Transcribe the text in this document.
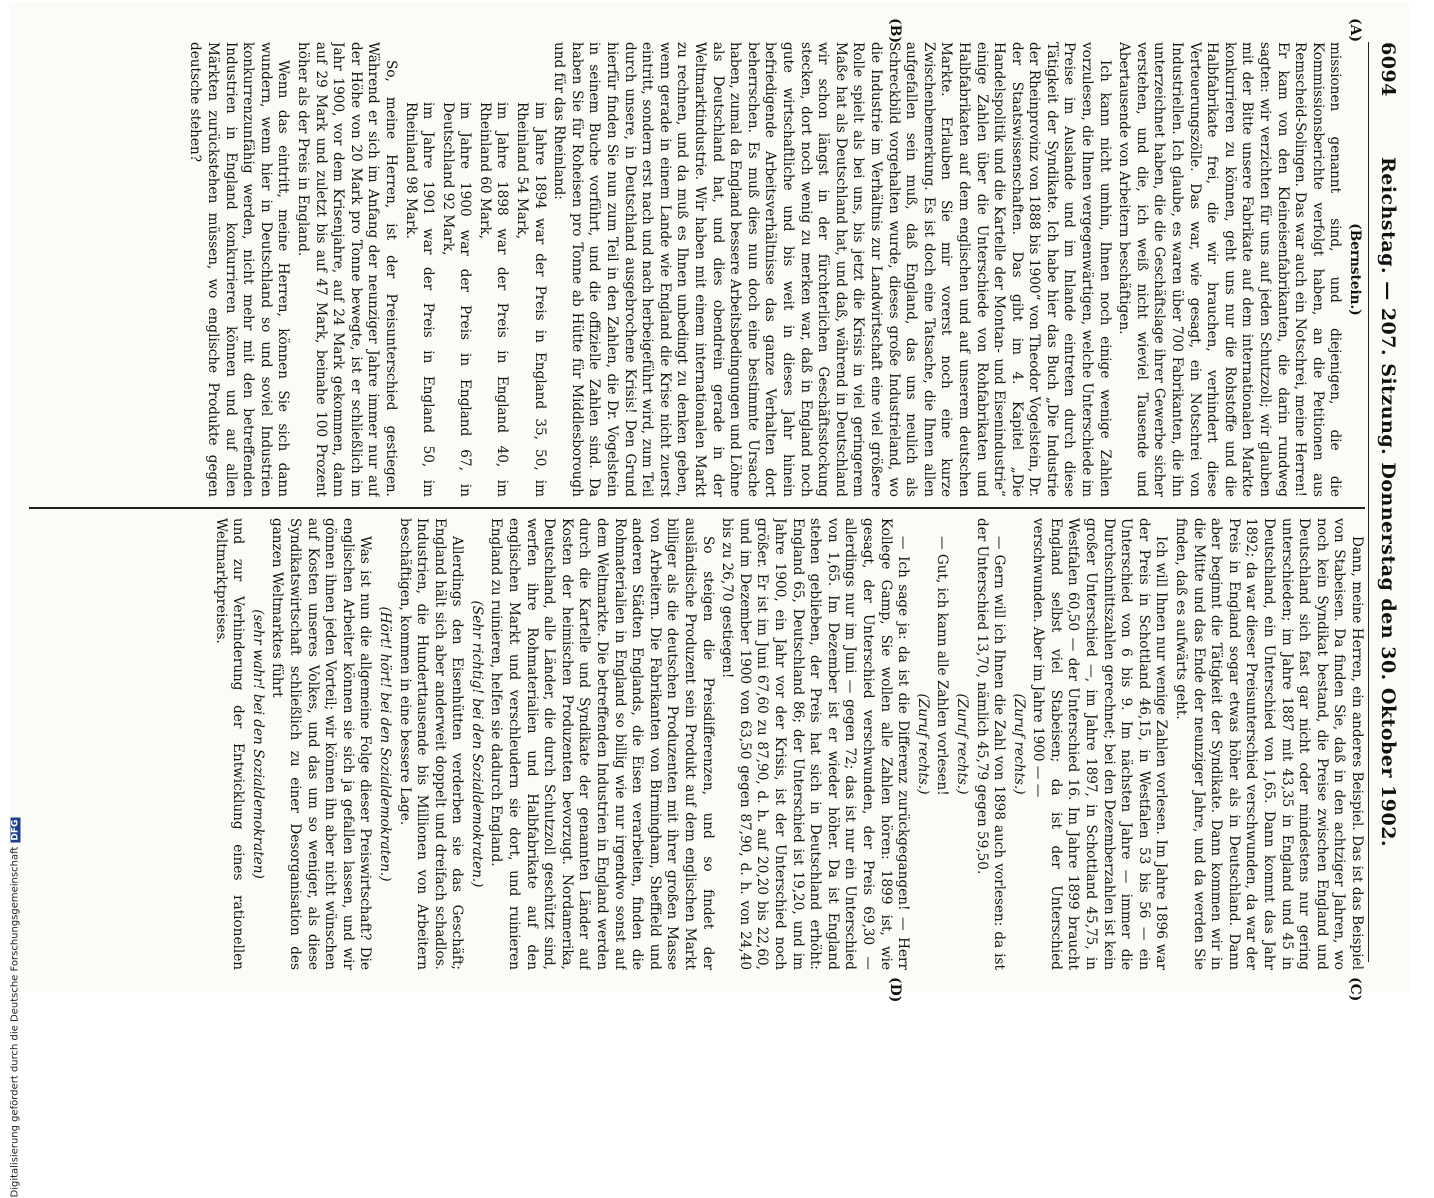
6094
Reichstag. — 207. Sitzung. Donnerstag den 30. Oktober 1902.
(A)
(B)
(C)
(D)

(Bernstein.)

missionen genannt sind, und diejenigen, die die Kommissionsberichte verfolgt haben, an die Petitionen aus Remscheid-Solingen. Das war auch ein Notschrei, meine Herren! Er kam von den Kleineisenfabrikanten, die darin rundweg sagten: wir verzichten für uns auf jeden Schutzzoll; wir glauben mit der Bitte unsere Fabrikate auf dem internationalen Markte konkurrieren zu können, geht uns nur die Rohstoffe und die Halbfabrikate frei, die wir brauchen, verhindert diese Verteuerungszölle. Das war, wie gesagt, ein Notschrei von Industriellen. Ich glaube, es waren über 700 Fabrikanten, die ihn unterzeichnet haben, die die Geschäftslage ihrer Gewerbe sicher verstehen, und die, ich weiß nicht wieviel Tausende und Abertausende von Arbeitern beschäftigen.

Ich kann nicht umhin, Ihnen noch einige wenige Zahlen vorzulesen, die Ihnen vergegenwärtigen, welche Unterschiede im Preise im Auslande und im Inlande eintreten durch diese Tätigkeit der Syndikate. Ich habe hier das Buch „Die Industrie der Rheinprovinz von 1888 bis 1900“ von Theodor Vogelstein, Dr. der Staatswissenschaften. Das gibt im 4. Kapitel „Die Handelspolitik und die Kartelle der Montan- und Eisenindustrie“ einige Zahlen über die Unterschiede von Rohfabrikaten und Halbfabrikaten auf dem englischen und auf unserem deutschen Markte. Erlauben Sie mir vorerst noch eine kurze Zwischenbemerkung. Es ist doch eine Tatsache, die Ihnen allen aufgefallen sein muß, daß England, das uns neulich als Schreckbild vorgehalten wurde, dieses große Industrieland, wo die Industrie im Verhältnis zur Landwirtschaft eine viel größere Rolle spielt als bei uns, bis jetzt die Krisis in viel geringerem Maße hat als Deutschland hat, und daß, während in Deutschland wir schon längst in der fürchterlichen Geschäftsstockung stecken, dort noch wenig zu merken war, daß in England noch gute wirtschaftliche und bis weit in dieses Jahr hinein befriedigende Arbeitsverhältnisse das ganze Verhalten dort beherrschen. Es muß dies nun doch eine bestimmte Ursache haben, zumal da England bessere Arbeitsbedingungen und Löhne als Deutschland hat, und dies obendrein gerade in der Weltmarktindustrie. Wir haben mit einem internationalen Markt zu rechnen, und da muß es Ihnen unbedingt zu denken geben, wenn gerade in einem Lande wie England die Krise nicht zuerst eintritt, sondern erst nach und nach herbeigeführt wird, zum Teil durch unsere, in Deutschland ausgebrochene Krisis! Den Grund hierfür finden Sie nun zum Teil in den Zahlen, die Dr. Vogelstein in seinem Buche vorführt, und die offizielle Zahlen sind. Da haben Sie für Roheisen pro Tonne ab Hütte für Middlesborough und für das Rheinland:

im Jahre 1894 war der Preis in England 35, 50, im Rheinland 54 Mark,

im Jahre 1898 war der Preis in England 40, im Rheinland 60 Mark,

im Jahre 1900 war der Preis in England 67, in Deutschland 92 Mark,

im Jahre 1901 war der Preis in England 50, im Rheinland 98 Mark.

So, meine Herren, ist der Preisunterschied gestiegen. Während er sich im Anfang der neunziger Jahre immer nur auf der Höhe von 20 Mark pro Tonne bewegte, ist er schließlich im Jahr 1900, vor dem Krisenjahre, auf 24 Mark gekommen, dann auf 29 Mark und zuletzt bis auf 47 Mark, beinahe 100 Prozent höher als der Preis in England.

Wenn das eintritt, meine Herren, können Sie sich dann wundern, wenn hier in Deutschland so und soviel Industrien konkurrenzunfähig werden, nicht mehr mit den betreffenden Industrien in England konkurrieren können und auf allen Märkten zurückstehen müssen, wo englische Produkte gegen deutsche stehen?

Dann, meine Herren, ein anderes Beispiel. Das ist das Beispiel von Stabeisen. Da finden Sie, daß in den achtziger Jahren, wo noch kein Syndikat bestand, die Preise zwischen England und Deutschland sich fast gar nicht oder mindestens nur gering unterschieden; im Jahre 1887 mit 43,35 in England und 45 in Deutschland, ein Unterschied von 1,65. Dann kommt das Jahr 1892; da war dieser Preisunterschied verschwunden, da war der Preis in England sogar etwas höher als in Deutschland. Dann aber beginnt die Tätigkeit der Syndikate. Dann kommen wir in die Mitte und das Ende der neunziger Jahre, und da werden Sie finden, daß es aufwärts geht.

Ich will Ihnen nur wenige Zahlen vorlesen. Im Jahre 1896 war der Preis in Schottland 46,15, in Westfalen 53 bis 56 — ein Unterschied von 6 bis 9. Im nächsten Jahre — immer die Durchschnittszahlen gerechnet; bei den Dezemberzahlen ist kein großer Unterschied —, im Jahre 1897, in Schottland 45,75, in Westfalen 60,50 — der Unterschied 16. Im Jahre 1899 braucht England selbst viel Stabeisen; da ist der Unterschied verschwunden. Aber im Jahre 1900 — —

(Zuruf rechts.)

— Gern will ich Ihnen die Zahl von 1898 auch vorlesen: da ist der Unterschied 13,70, nämlich 45,79 gegen 59,50.

(Zuruf rechts.)

— Gut, ich kann alle Zahlen vorlesen!

(Zuruf rechts.)

— Ich sage ja: da ist die Differenz zurückgegangen! — Herr Kollege Gamp, Sie wollen alle Zahlen hören: 1899 ist, wie gesagt, der Unterschied verschwunden, der Preis 69,30 — allerdings nur im Juni — gegen 72; das ist nur ein Unterschied von 1,65. Im Dezember ist er wieder höher. Da ist England stehen geblieben, der Preis hat sich in Deutschland erhöht: England 65, Deutschland 86; der Unterschied ist 19,20, und im Jahre 1900, ein Jahr vor der Krisis, ist der Unterschied noch größer. Er ist im Juni 67,60 zu 87,90, d. h. auf 20,20 bis 22,60, und im Dezember 1900 von 63,50 gegen 87,90, d. h. von 24,40 bis zu 26,70 gestiegen!

So steigen die Preisdifferenzen, und so findet der ausländische Produzent sein Produkt auf dem englischen Markt billiger als die deutschen Produzenten mit ihrer großen Masse von Arbeitern. Die Fabrikanten von Birmingham, Sheffield und anderen Städten Englands, die Eisen verarbeiten, finden die Rohmaterialien in England so billig wie nur irgendwo sonst auf dem Weltmarkte. Die betreffenden Industrien in England werden durch die Kartelle und Syndikate der genannten Länder auf Kosten der heimischen Produzenten bevorzugt. Nordamerika, Deutschland, alle Länder, die durch Schutzzoll geschützt sind, werfen ihre Rohmaterialien und Halbfabrikate auf den englischen Markt und verschleudern sie dort, und ruinieren England zu ruinieren, helfen sie dadurch England.

(Sehr richtig! bei den Sozialdemokraten.)

Allerdings den Eisenhütten verderben sie das Geschäft; England hält sich aber anderweit doppelt und dreifach schadlos. Industrien, die Hunderttausende bis Millionen von Arbeitern beschäftigen, kommen in eine bessere Lage.

(Hört! hört! bei den Sozialdemokraten.)

Was ist nun die allgemeine Folge dieser Preiswirtschaft? Die englischen Arbeiter können sie sich ja gefallen lassen, und wir gönnen ihnen jeden Vorteil; wir können ihn aber nicht wünschen auf Kosten unseres Volkes, und das um so weniger, als diese Syndikatswirtschaft schließlich zu einer Desorganisation des ganzen Weltmarktes führt

(sehr wahr! bei den Sozialdemokraten)

und zur Verhinderung der Entwicklung eines rationellen Weltmarktpreises.

Digitalisierung gefördert durch die Deutsche ForschungsgemeinschaftDFG
